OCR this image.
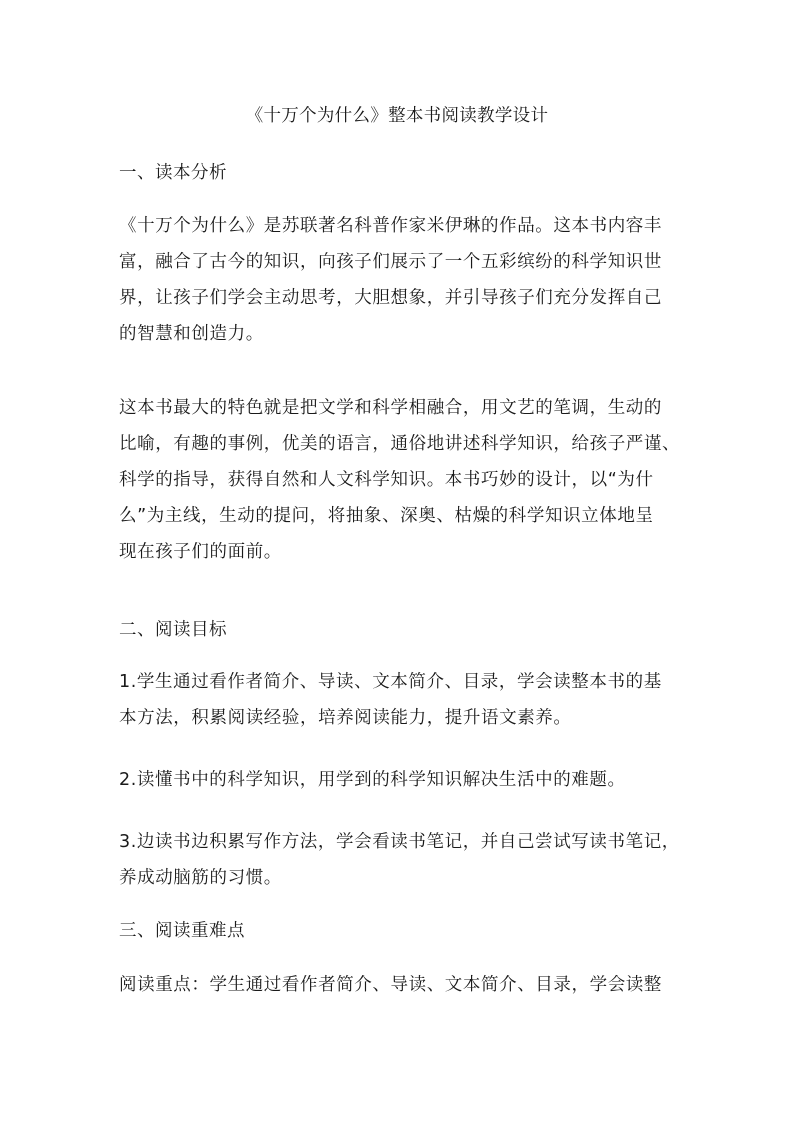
《十万个为什么》整本书阅读教学设计
一、读本分析
《十万个为什么》是苏联著名科普作家米伊琳的作品。这本书内容丰
富，融合了古今的知识，向孩子们展示了一个五彩缤纷的科学知识世
界，让孩子们学会主动思考，大胆想象，并引导孩子们充分发挥自己
的智慧和创造力。
这本书最大的特色就是把文学和科学相融合，用文艺的笔调，生动的
比喻，有趣的事例，优美的语言，通俗地讲述科学知识，给孩子严谨、
科学的指导，获得自然和人文科学知识。本书巧妙的设计，以“为什
么”为主线，生动的提问，将抽象、深奥、枯燥的科学知识立体地呈
现在孩子们的面前。
二、阅读目标
1.学生通过看作者简介、导读、文本简介、目录，学会读整本书的基
本方法，积累阅读经验，培养阅读能力，提升语文素养。
2.读懂书中的科学知识，用学到的科学知识解决生活中的难题。
3.边读书边积累写作方法，学会看读书笔记，并自己尝试写读书笔记，
养成动脑筋的习惯。
三、阅读重难点
阅读重点：学生通过看作者简介、导读、文本简介、目录，学会读整
